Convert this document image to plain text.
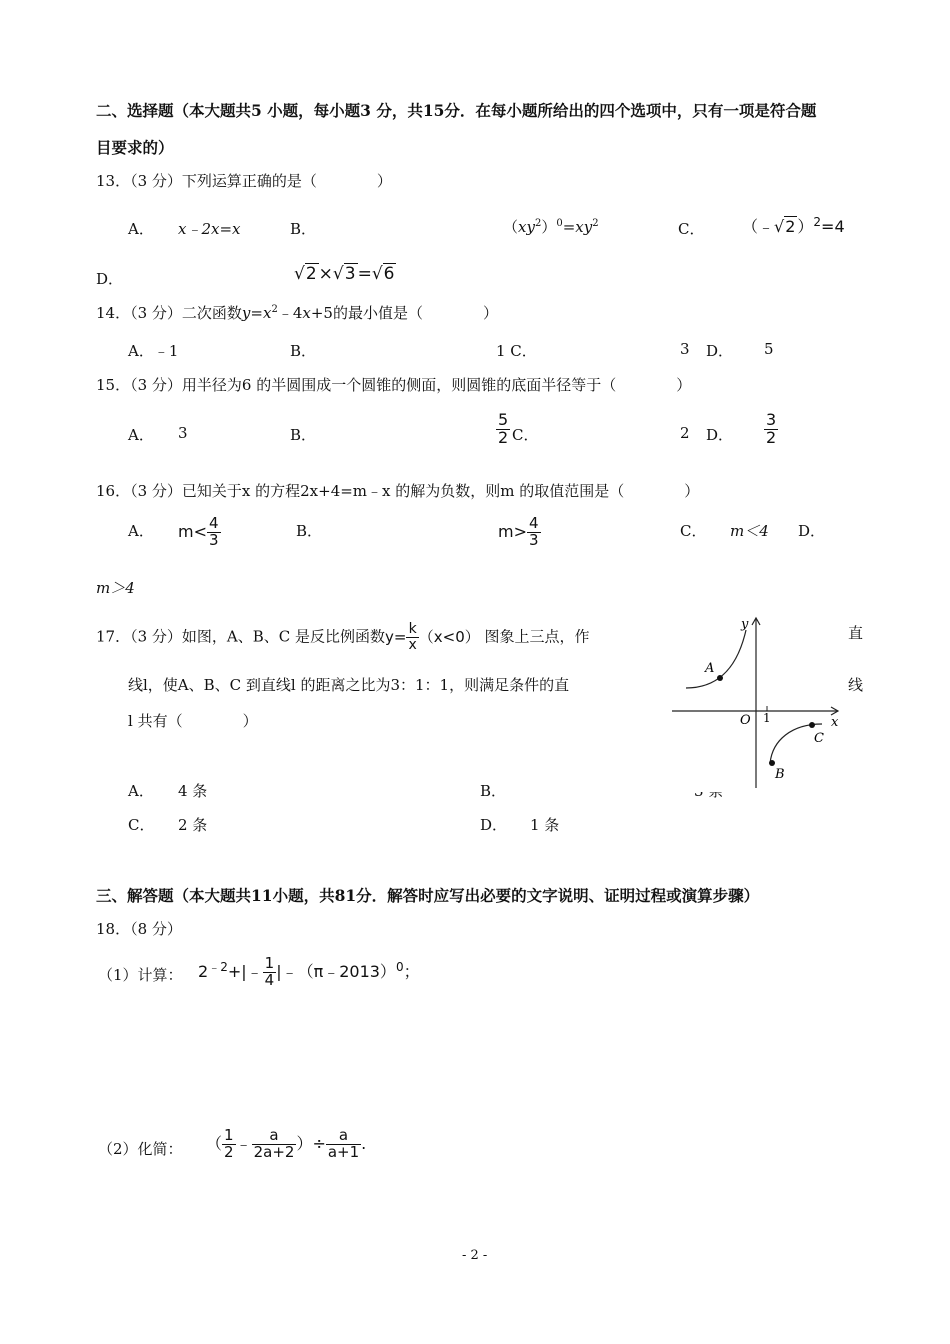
二、选择题（本大题共5 小题，每小题3 分，共15分．在每小题所给出的四个选项中，只有一项是符合题
目要求的）
13．（3 分）下列运算正确的是（　　　　）
A． x﹣2x=x	B．	$(xy^2)^0=xy^2$	C． （﹣√2 ）$^2$=4
D．	√2 ×√3 =√6
14．（3 分）二次函数$y=x^2﹣4x+5$的最小值是（　　　　）
A．﹣1	B．	1 C．	3 D． 5
15．（3 分）用半径为6 的半圆围成一个圆锥的侧面，则圆锥的底面半径等于（　　　　）
A． 3	B．	$\frac{5}{2}$ C．	2 D． $\frac{3}{2}$
16．（3 分）已知关于x 的方程2x+4=m﹣x 的解为负数，则m 的取值范围是（　　　　）
A． $m< \frac{4}{3}$	B．	$m> \frac{4}{3}$	C． m＜4 D．
m＞4
17．（3 分）如图，A、B、C 是反比例函数$y= \frac{k}{x} (x<0)$ 图象上三点，作	直
线l，使A、B、C 到直线l 的距离之比为3：1：1，则满足条件的直	线
l 共有（　　　　）
A． 4 条	B．
C． 2 条	D． 1 条
y
x
O 1
A
B
C
三、解答题（本大题共11小题，共81分．解答时应写出必要的文字说明、证明过程或演算步骤）
18．（8 分）
（1）计算： $2^{﹣2}+|﹣ \frac{1}{4}$ |﹣（π﹣2013）$^0$；
（2）化简： （ $\frac{1}{2}$ ﹣ $\frac{a}{2a+2}$ ）÷ $\frac{a}{a+1}$ .
- 2 -
